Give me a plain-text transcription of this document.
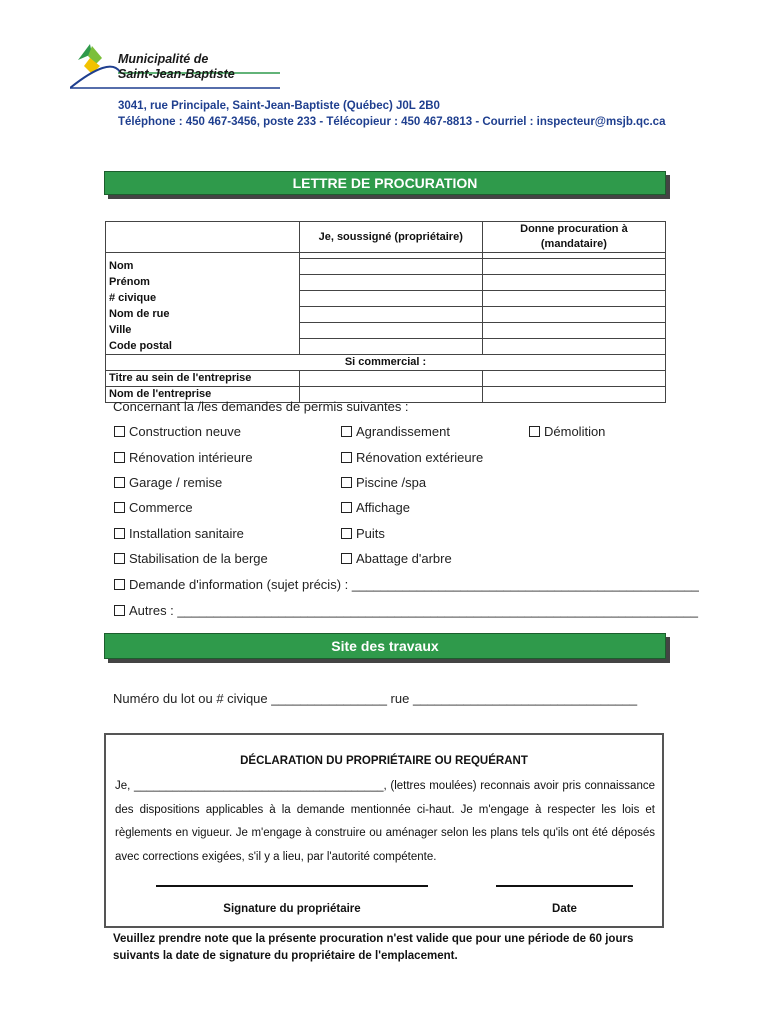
Municipalité de
Saint-Jean-Baptiste
3041, rue Principale, Saint-Jean-Baptiste (Québec) J0L 2B0
Téléphone : 450 467-3456, poste 233 - Télécopieur : 450 467-8813 - Courriel : inspecteur@msjb.qc.ca
LETTRE DE PROCURATION
	Je, soussigné (propriétaire)	Donne procuration à (mandataire)

Nom		
Prénom		
# civique		
Nom de rue		
Ville		
Code postal		
Si commercial :		
Titre au sein de l'entreprise		
Nom de l'entreprise		
Concernant la /les demandes de permis suivantes :
Construction neuve	Agrandissement	Démolition
Rénovation intérieure	Rénovation extérieure
Garage / remise	Piscine /spa
Commerce	Affichage
Installation sanitaire	Puits
Stabilisation de la berge	Abattage d'arbre
Demande d'information (sujet précis) : ________________________________________________
Autres : ________________________________________________________________________
Site des travaux
Numéro du lot ou # civique ________________ rue _______________________________
DÉCLARATION DU PROPRIÉTAIRE OU REQUÉRANT
Je, _______________________________________, (lettres moulées) reconnais avoir pris connaissance des dispositions applicables à la demande mentionnée ci-haut. Je m'engage à respecter les lois et règlements en vigueur. Je m'engage à construire ou aménager selon les plans tels qu'ils ont été déposés avec corrections exigées, s'il y a lieu, par l'autorité compétente.
Signature du propriétaire	Date
Veuillez prendre note que la présente procuration n'est valide que pour une période de 60 jours suivants la date de signature du propriétaire de l'emplacement.
